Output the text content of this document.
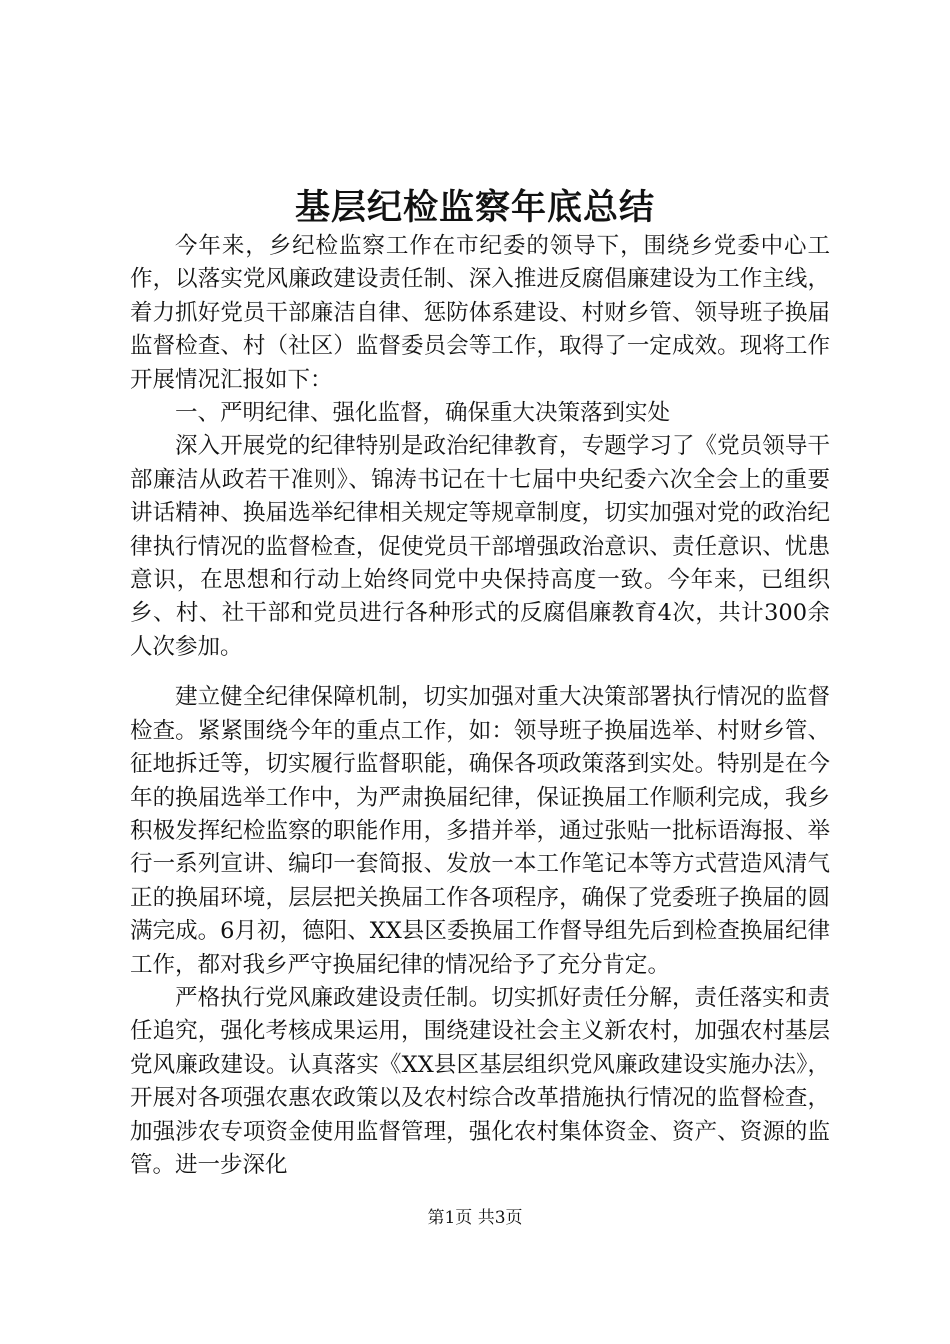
基层纪检监察年底总结

今年来，乡纪检监察工作在市纪委的领导下，围绕乡党委中心工作，以落实党风廉政建设责任制、深入推进反腐倡廉建设为工作主线，着力抓好党员干部廉洁自律、惩防体系建设、村财乡管、领导班子换届监督检查、村（社区）监督委员会等工作，取得了一定成效。现将工作开展情况汇报如下：

一、严明纪律、强化监督，确保重大决策落到实处

深入开展党的纪律特别是政治纪律教育，专题学习了《党员领导干部廉洁从政若干准则》、锦涛书记在十七届中央纪委六次全会上的重要讲话精神、换届选举纪律相关规定等规章制度，切实加强对党的政治纪律执行情况的监督检查，促使党员干部增强政治意识、责任意识、忧患意识，在思想和行动上始终同党中央保持高度一致。今年来，已组织乡、村、社干部和党员进行各种形式的反腐倡廉教育4次，共计300余人次参加。

建立健全纪律保障机制，切实加强对重大决策部署执行情况的监督检查。紧紧围绕今年的重点工作，如：领导班子换届选举、村财乡管、征地拆迁等，切实履行监督职能，确保各项政策落到实处。特别是在今年的换届选举工作中，为严肃换届纪律，保证换届工作顺利完成，我乡积极发挥纪检监察的职能作用，多措并举，通过张贴一批标语海报、举行一系列宣讲、编印一套简报、发放一本工作笔记本等方式营造风清气正的换届环境，层层把关换届工作各项程序，确保了党委班子换届的圆满完成。6月初，德阳、XX县区委换届工作督导组先后到检查换届纪律工作，都对我乡严守换届纪律的情况给予了充分肯定。

严格执行党风廉政建设责任制。切实抓好责任分解，责任落实和责任追究，强化考核成果运用，围绕建设社会主义新农村，加强农村基层党风廉政建设。认真落实《XX县区基层组织党风廉政建设实施办法》，开展对各项强农惠农政策以及农村综合改革措施执行情况的监督检查，加强涉农专项资金使用监督管理，强化农村集体资金、资产、资源的监管。进一步深化

第1页 共3页
